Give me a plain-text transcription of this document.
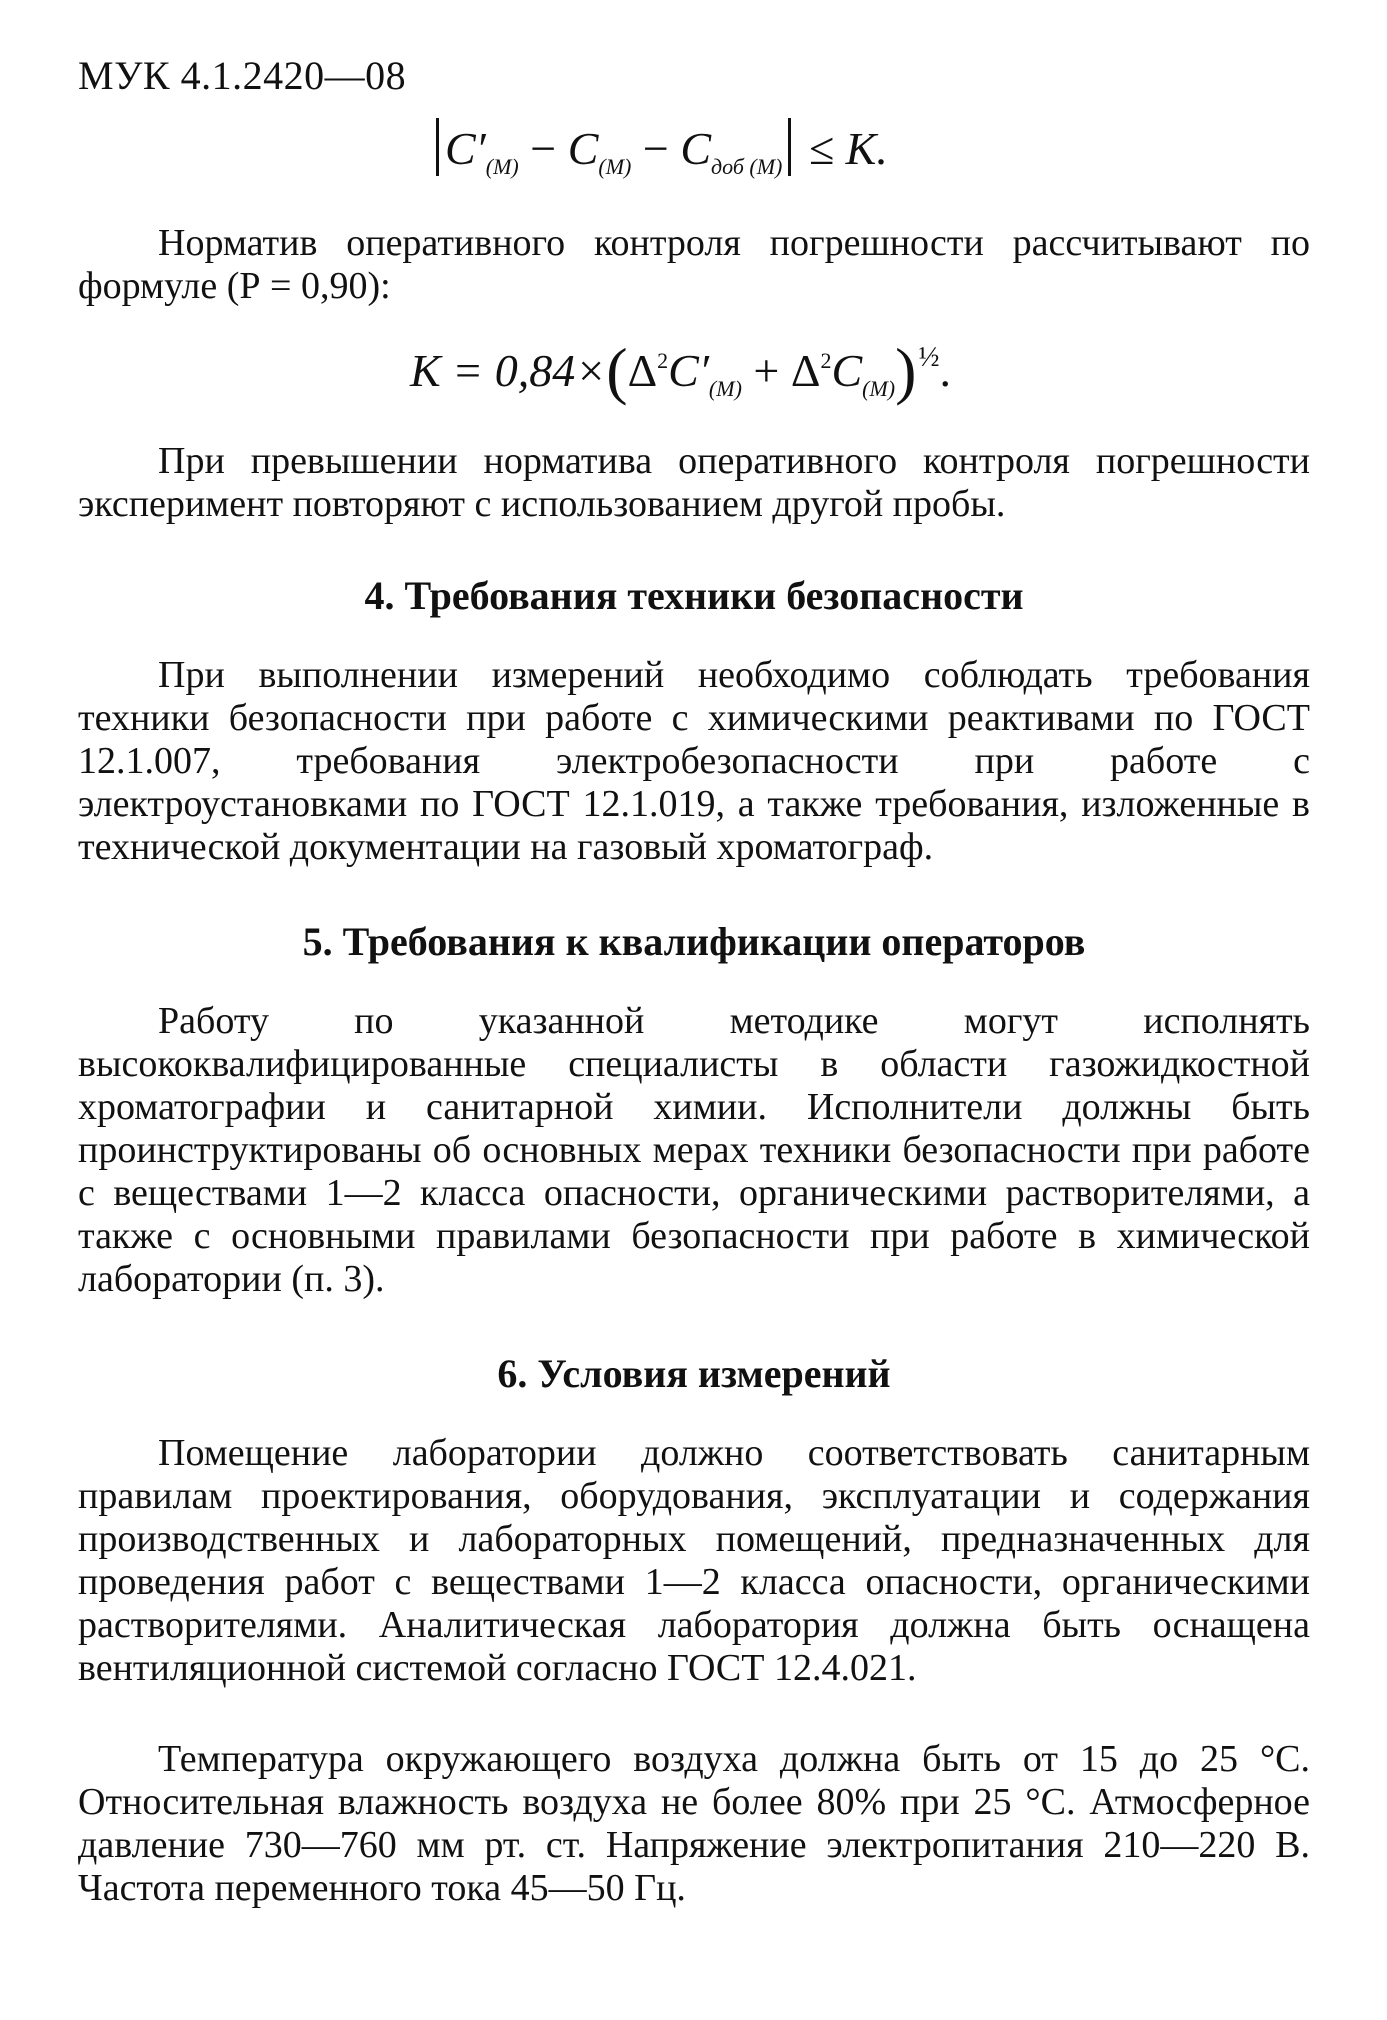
МУК 4.1.2420—08
$C'_{(M)} - C_{(M)} - C_{доб (M)} \le K$.

Норматив оперативного контроля погрешности рассчитывают по формуле (Р = 0,90):

$K = 0,84\times(\Delta^2C'_{(M)}$ + $\Delta^2C_{(M)})\frac{1}{2}$.

При превышении норматива оперативного контроля погрешности эксперимент повторяют с использованием другой пробы.

4. Требования техники безопасности

При выполнении измерений необходимо соблюдать требования техники безопасности при работе с химическими реактивами по ГОСТ 12.1.007, требования электробезопасности при работе с электроустановками по ГОСТ 12.1.019, а также требования, изложенные в технической документации на газовый хроматограф.

5. Требования к квалификации операторов

Работу по указанной методике могут исполнять высококвалифицированные специалисты в области газожидкостной хроматографии и санитарной химии. Исполнители должны быть проинструктированы об основных мерах техники безопасности при работе с веществами 1—2 класса опасности, органическими растворителями, а также с основными правилами безопасности при работе в химической лаборатории (п. 3).

6. Условия измерений

Помещение лаборатории должно соответствовать санитарным правилам проектирования, оборудования, эксплуатации и содержания производственных и лабораторных помещений, предназначенных для проведения работ с веществами 1—2 класса опасности, органическими растворителями. Аналитическая лаборатория должна быть оснащена вентиляционной системой согласно ГОСТ 12.4.021.

Температура окружающего воздуха должна быть от 15 до 25 °С. Относительная влажность воздуха не более 80% при 25 °С. Атмосферное давление 730—760 мм рт. ст. Напряжение электропитания 210—220 В. Частота переменного тока 45—50 Гц.
